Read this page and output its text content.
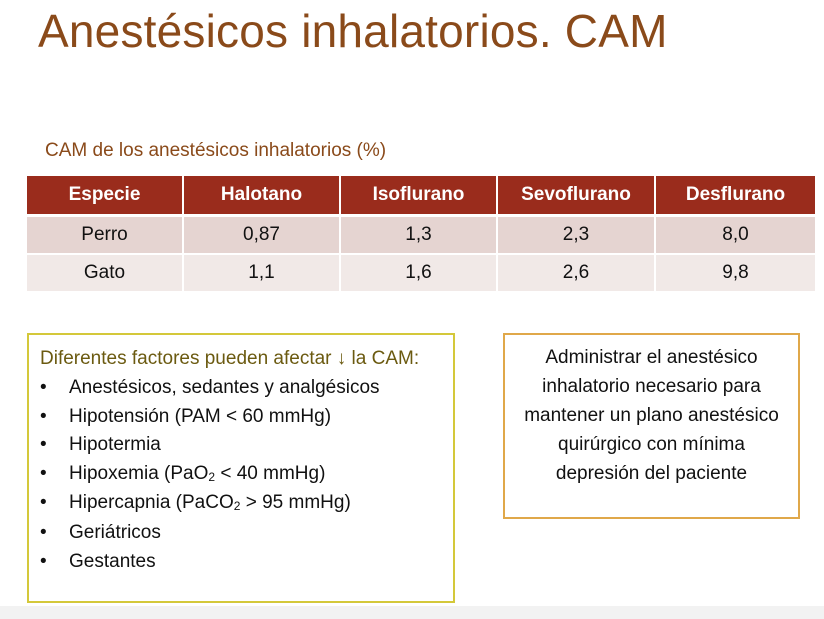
Anestésicos inhalatorios. CAM
CAM de los anestésicos inhalatorios (%)
Especie	Halotano	Isoflurano	Sevoflurano	Desflurano
Perro	0,87	1,3	2,3	8,0
Gato	1,1	1,6	2,6	9,8

Diferentes factores pueden afectar ↓ la CAM:

•	Anestésicos, sedantes y analgésicos
•	Hipotensión (PAM < 60 mmHg)
•	Hipotermia
•	Hipoxemia (PaO$_2$ < 40 mmHg)
•	Hipercapnia (PaCO$_2$ > 95 mmHg)
•	Geriátricos
•	Gestantes
Administrar el anestésico inhalatorio necesario para mantener un plano anestésico quirúrgico con mínima depresión del paciente
